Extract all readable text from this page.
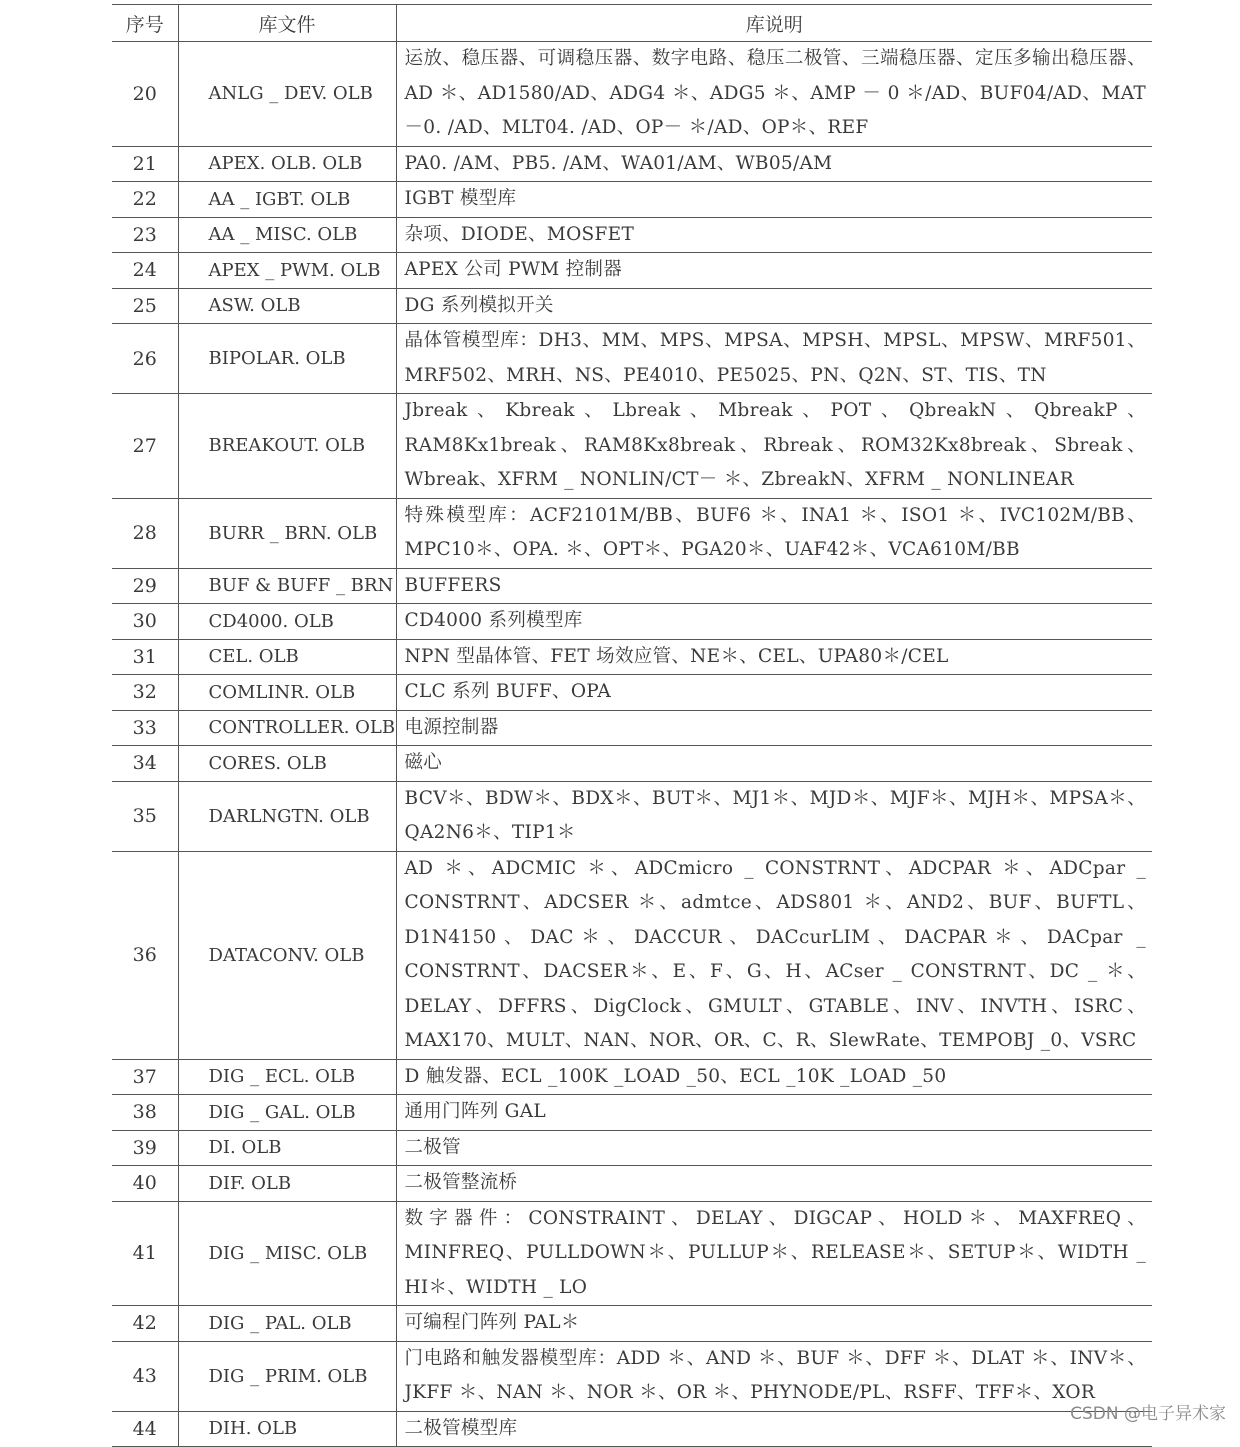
序号	库文件	库说明
20	ANLG _ DEV. OLB	运放、稳压器、可调稳压器、数字电路、稳压二极管、三端稳压器、定压多输出稳压器、AD ＊、AD1580/AD、ADG4 ＊、ADG5 ＊、AMP － 0 ＊/AD、BUF04/AD、MAT－0. /AD、MLT04. /AD、OP－ ＊/AD、OP＊、REF
21	APEX. OLB. OLB	PA0. /AM、PB5. /AM、WA01/AM、WB05/AM
22	AA _ IGBT. OLB	IGBT 模型库
23	AA _ MISC. OLB	杂项、DIODE、MOSFET
24	APEX _ PWM. OLB	APEX 公司 PWM 控制器
25	ASW. OLB	DG 系列模拟开关
26	BIPOLAR. OLB	晶体管模型库：DH3、MM、MPS、MPSA、MPSH、MPSL、MPSW、MRF501、MRF502、MRH、NS、PE4010、PE5025、PN、Q2N、ST、TIS、TN
27	BREAKOUT. OLB	Jbreak、Kbreak、Lbreak、Mbreak、POT、QbreakN、QbreakP、RAM8Kx1break、RAM8Kx8break、Rbreak、ROM32Kx8break、Sbreak、Wbreak、XFRM _ NONLIN/CT－ ＊、ZbreakN、XFRM _ NONLINEAR
28	BURR _ BRN. OLB	特殊模型库：ACF2101M/BB、BUF6 ＊、INA1 ＊、ISO1 ＊、IVC102M/BB、MPC10＊、OPA. ＊、OPT＊、PGA20＊、UAF42＊、VCA610M/BB
29	BUF & BUFF _ BRN	BUFFERS
30	CD4000. OLB	CD4000 系列模型库
31	CEL. OLB	NPN 型晶体管、FET 场效应管、NE＊、CEL、UPA80＊/CEL
32	COMLINR. OLB	CLC 系列 BUFF、OPA
33	CONTROLLER. OLB	电源控制器
34	CORES. OLB	磁心
35	DARLNGTN. OLB	BCV＊、BDW＊、BDX＊、BUT＊、MJ1＊、MJD＊、MJF＊、MJH＊、MPSA＊、QA2N6＊、TIP1＊
36	DATACONV. OLB	AD ＊、ADCMIC ＊、ADCmicro _ CONSTRNT、ADCPAR ＊、ADCpar _ CONSTRNT、ADCSER ＊、admtce、ADS801 ＊、AND2、BUF、BUFTL、D1N4150、DAC＊、DACCUR、DACcurLIM、DACPAR＊、DACpar _ CONSTRNT、DACSER＊、E、F、G、H、ACser _ CONSTRNT、DC _ ＊、DELAY、DFFRS、DigClock、GMULT、GTABLE、INV、INVTH、ISRC、MAX170、MULT、NAN、NOR、OR、C、R、SlewRate、TEMPOBJ _0、VSRC
37	DIG _ ECL. OLB	D 触发器、ECL _100K _LOAD _50、ECL _10K _LOAD _50
38	DIG _ GAL. OLB	通用门阵列 GAL
39	DI. OLB	二极管
40	DIF. OLB	二极管整流桥
41	DIG _ MISC. OLB	数字器件：CONSTRAINT、DELAY、DIGCAP、HOLD＊、MAXFREQ、MINFREQ、PULLDOWN＊、PULLUP＊、RELEASE＊、SETUP＊、WIDTH _ HI＊、WIDTH _ LO
42	DIG _ PAL. OLB	可编程门阵列 PAL＊
43	DIG _ PRIM. OLB	门电路和触发器模型库：ADD ＊、AND ＊、BUF ＊、DFF ＊、DLAT ＊、INV＊、JKFF ＊、NAN ＊、NOR ＊、OR ＊、PHYNODE/PL、RSFF、TFF＊、XOR
44	DIH. OLB	二极管模型库
CSDN @电子异术家
